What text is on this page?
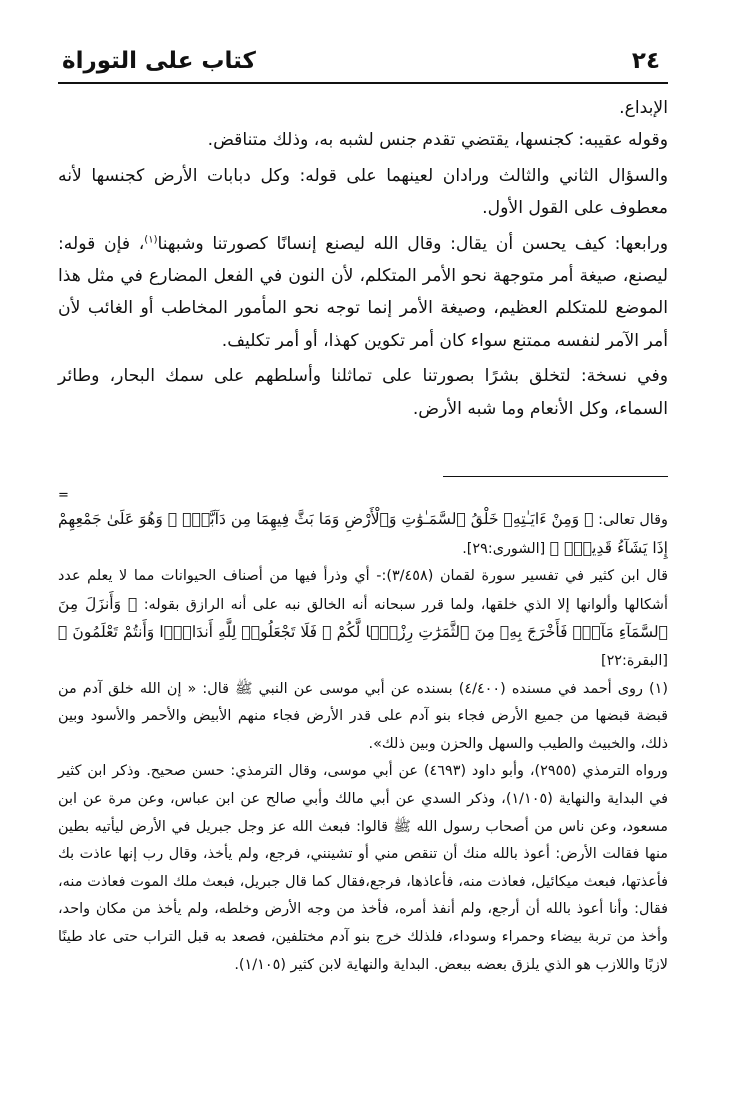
٢٤
كتاب على التوراة

الإبداع.

وقوله عقيبه: كجنسها، يقتضي تقدم جنس لشبه به، وذلك متناقض.

والسؤال الثاني والثالث ورادان لعينهما على قوله: وكل دبابات الأرض كجنسها لأنه معطوف على القول الأول.

ورابعها: كيف يحسن أن يقال: وقال الله ليصنع إنسانًا كصورتنا وشبهنا$^{(١)}$، فإن قوله: ليصنع، صيغة أمر متوجهة نحو الأمر المتكلم، لأن النون في الفعل المضارع في مثل هذا الموضع للمتكلم العظيم، وصيغة الأمر إنما توجه نحو المأمور المخاطب أو الغائب لأن أمر الآمر لنفسه ممتنع سواء كان أمر تكوين كهذا، أو أمر تكليف.

وفي نسخة: لتخلق بشرًا بصورتنا على تماثلنا وأسلطهم على سمك البحار، وطائر السماء، وكل الأنعام وما شبه الأرض.

=

وقال تعالى: ﴿ وَمِنْ ءَايَـٰتِهِۦ خَلْقُ ٱلسَّمَـٰوَٰتِ وَٱلْأَرْضِ وَمَا بَثَّ فِيهِمَا مِن دَآبَّةٍۢ ۚ وَهُوَ عَلَىٰ جَمْعِهِمْ إِذَا يَشَآءُ قَدِيرٌۭ ﴾ [الشورى:٢٩].

قال ابن كثير في تفسير سورة لقمان (٣/٤٥٨):- أي وذرأ فيها من أصناف الحيوانات مما لا يعلم عدد أشكالها وألوانها إلا الذي خلقها، ولما قرر سبحانه أنه الخالق نبه على أنه الرازق بقوله: ﴿ وَأَنزَلَ مِنَ ٱلسَّمَآءِ مَآءًۭ فَأَخْرَجَ بِهِۦ مِنَ ٱلثَّمَرَٰتِ رِزْقًۭا لَّكُمْ ۖ فَلَا تَجْعَلُوا۟ لِلَّهِ أَندَادًۭا وَأَنتُمْ تَعْلَمُونَ ﴾ [البقرة:٢٢]

(١) روى أحمد في مسنده (٤/٤٠٠) بسنده عن أبي موسى عن النبي ﷺ قال: « إن الله خلق آدم من قبضة قبضها من جميع الأرض فجاء بنو آدم على قدر الأرض فجاء منهم الأبيض والأحمر والأسود وبين ذلك، والخبيث والطيب والسهل والحزن وبين ذلك».

ورواه الترمذي (٢٩٥٥)، وأبو داود (٤٦٩٣) عن أبي موسى، وقال الترمذي: حسن صحيح. وذكر ابن كثير في البداية والنهاية (١/١٠٥)، وذكر السدي عن أبي مالك وأبي صالح عن ابن عباس، وعن مرة عن ابن مسعود، وعن ناس من أصحاب رسول الله ﷺ قالوا: فبعث الله عز وجل جبريل في الأرض ليأتيه بطين منها فقالت الأرض: أعوذ بالله منك أن تنقص مني أو تشينني، فرجع، ولم يأخذ، وقال رب إنها عاذت بك فأعذتها، فبعث ميكائيل، فعاذت منه، فأعاذها، فرجع،فقال كما قال جبريل، فبعث ملك الموت فعاذت منه، فقال: وأنا أعوذ بالله أن أرجع، ولم أنفذ أمره، فأخذ من وجه الأرض وخلطه، ولم يأخذ من مكان واحد، وأخذ من تربة بيضاء وحمراء وسوداء، فلذلك خرج بنو آدم مختلفين، فصعد به قبل التراب حتى عاد طينًا لازبًا واللازب هو الذي يلزق بعضه ببعض. البداية والنهاية لابن كثير (١/١٠٥).
